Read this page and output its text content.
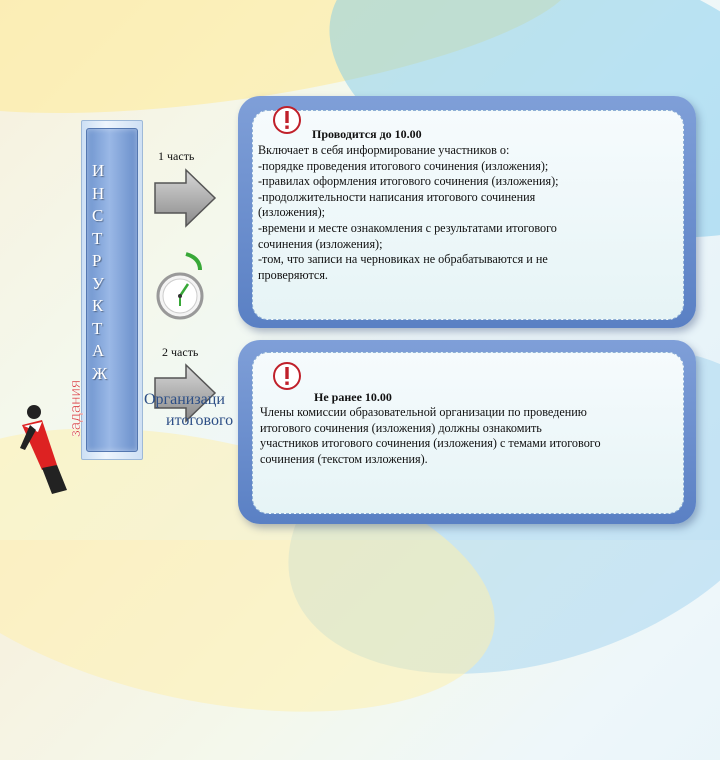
И
Н
С
Т
Р
У
К
Т
А
Ж
задания
1 часть
2 часть
Проводится до 10.00
Включает в себя информирование участников о:
-порядке проведения итогового сочинения (изложения);
-правилах оформления итогового сочинения (изложения);
-продолжительности написания итогового сочинения
(изложения);
-времени и месте ознакомления с результатами итогового
сочинения (изложения);
-том, что записи на черновиках не обрабатываются и не
проверяются.
Организаци
итогового
Не ранее 10.00
Члены комиссии образовательной организации по проведению
итогового сочинения (изложения) должны ознакомить
участников итогового сочинения (изложения) с темами итогового
сочинения (текстом изложения).
